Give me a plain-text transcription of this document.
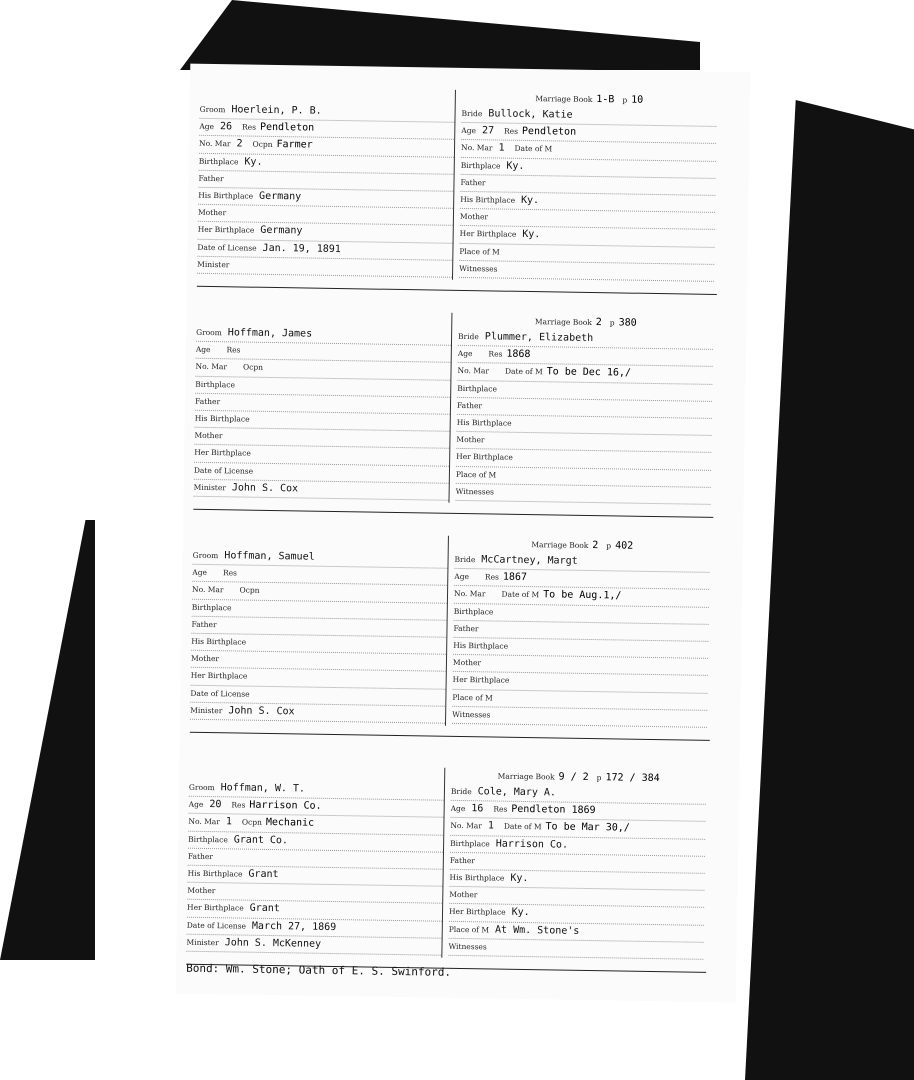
Groom Hoerlein, P. B.
Age 26 Res Pendleton
No. Mar 2 Ocpn Farmer
Birthplace Ky.
Father
His Birthplace Germany
Mother
Her Birthplace Germany
Date of License Jan. 19, 1891
Minister
Marriage Book 1-B p 10
Bride Bullock, Katie
Age 27 Res Pendleton
No. Mar 1 Date of M
Birthplace Ky.
Father
His Birthplace Ky.
Mother
Her Birthplace Ky.
Place of M
Witnesses
Groom Hoffman, James
Age Res
No. Mar Ocpn
Birthplace
Father
His Birthplace
Mother
Her Birthplace
Date of License
Minister John S. Cox
Marriage Book 2 p 380
Bride Plummer, Elizabeth
Age Res 1868
No. Mar Date of M To be Dec 16,/
Birthplace
Father
His Birthplace
Mother
Her Birthplace
Place of M
Witnesses
Groom Hoffman, Samuel
Age Res
No. Mar Ocpn
Birthplace
Father
His Birthplace
Mother
Her Birthplace
Date of License
Minister John S. Cox
Marriage Book 2 p 402
Bride McCartney, Margt
Age Res 1867
No. Mar Date of M To be Aug.1,/
Birthplace
Father
His Birthplace
Mother
Her Birthplace
Place of M
Witnesses
Groom Hoffman, W. T.
Age 20 Res Harrison Co.
No. Mar 1 Ocpn Mechanic
Birthplace Grant Co.
Father
His Birthplace Grant
Mother
Her Birthplace Grant
Date of License March 27, 1869
Minister John S. McKenney
Marriage Book 9 / 2 p 172 / 384
Bride Cole, Mary A.
Age 16 Res Pendleton 1869
No. Mar 1 Date of M To be Mar 30,/
Birthplace Harrison Co.
Father
His Birthplace Ky.
Mother
Her Birthplace Ky.
Place of M At Wm. Stone's
Witnesses
Bond: Wm. Stone; Oath of E. S. Swinford.
